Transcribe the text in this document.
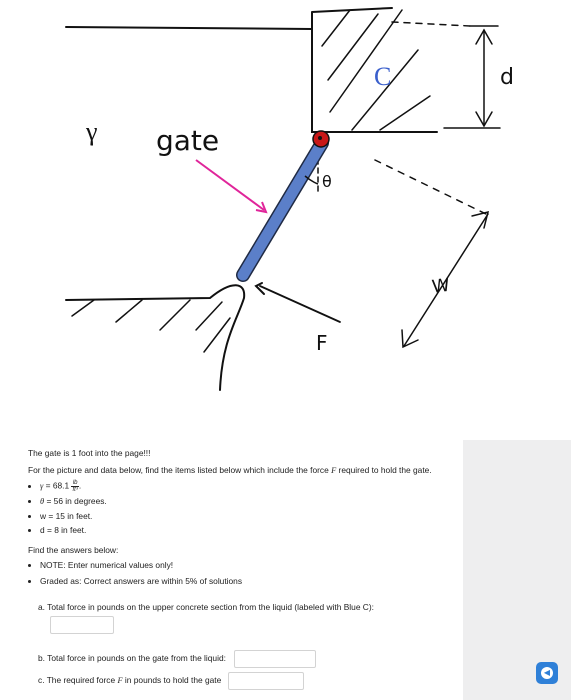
γ gate
C	d
θ
W
F
◀

The gate is 1 foot into the page!!!

For the picture and data below, find the items listed below which include the force F required to hold the gate.

• $\gamma = 68.1 \frac{lb}{\text{ft³}}$ .
• θ = 56 in degrees.
• w = 15 in feet.
• d = 8 in feet.

Find the answers below:

• NOTE: Enter numerical values only!
• Graded as: Correct answers are within 5% of solutions

a. Total force in pounds on the upper concrete section from the liquid (labeled with Blue C):

b. Total force in pounds on the gate from the liquid:
c. The required force F in pounds to hold the gate
